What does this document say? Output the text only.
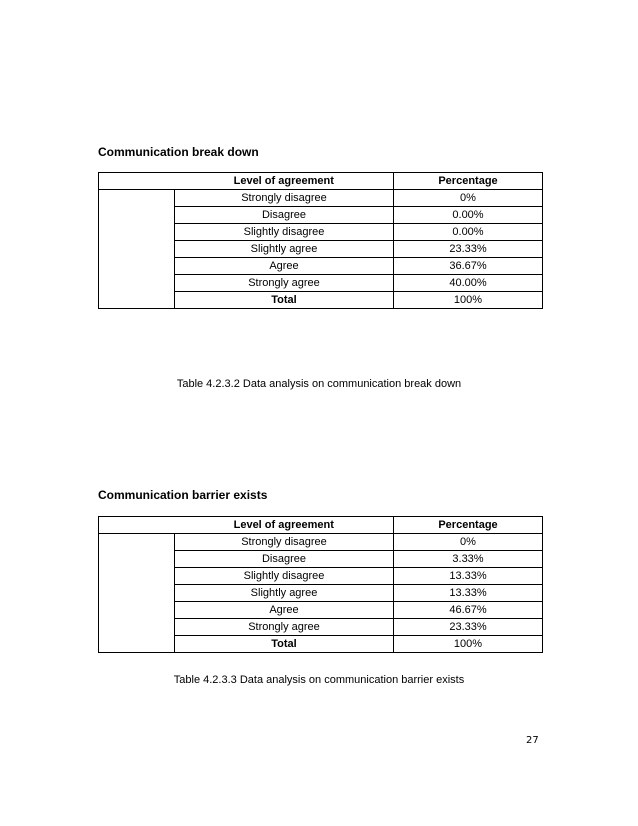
Communication break down

	Level of agreement	Percentage
	Strongly disagree	0%
	Disagree	0.00%
	Slightly disagree	0.00%
	Slightly agree	23.33%
	Agree	36.67%
	Strongly agree	40.00%
	Total	100%

Table 4.2.3.2 Data analysis on communication break down

Communication barrier exists

	Level of agreement	Percentage
	Strongly disagree	0%
	Disagree	3.33%
	Slightly disagree	13.33%
	Slightly agree	13.33%
	Agree	46.67%
	Strongly agree	23.33%
	Total	100%

Table 4.2.3.3 Data analysis on communication barrier exists

27
